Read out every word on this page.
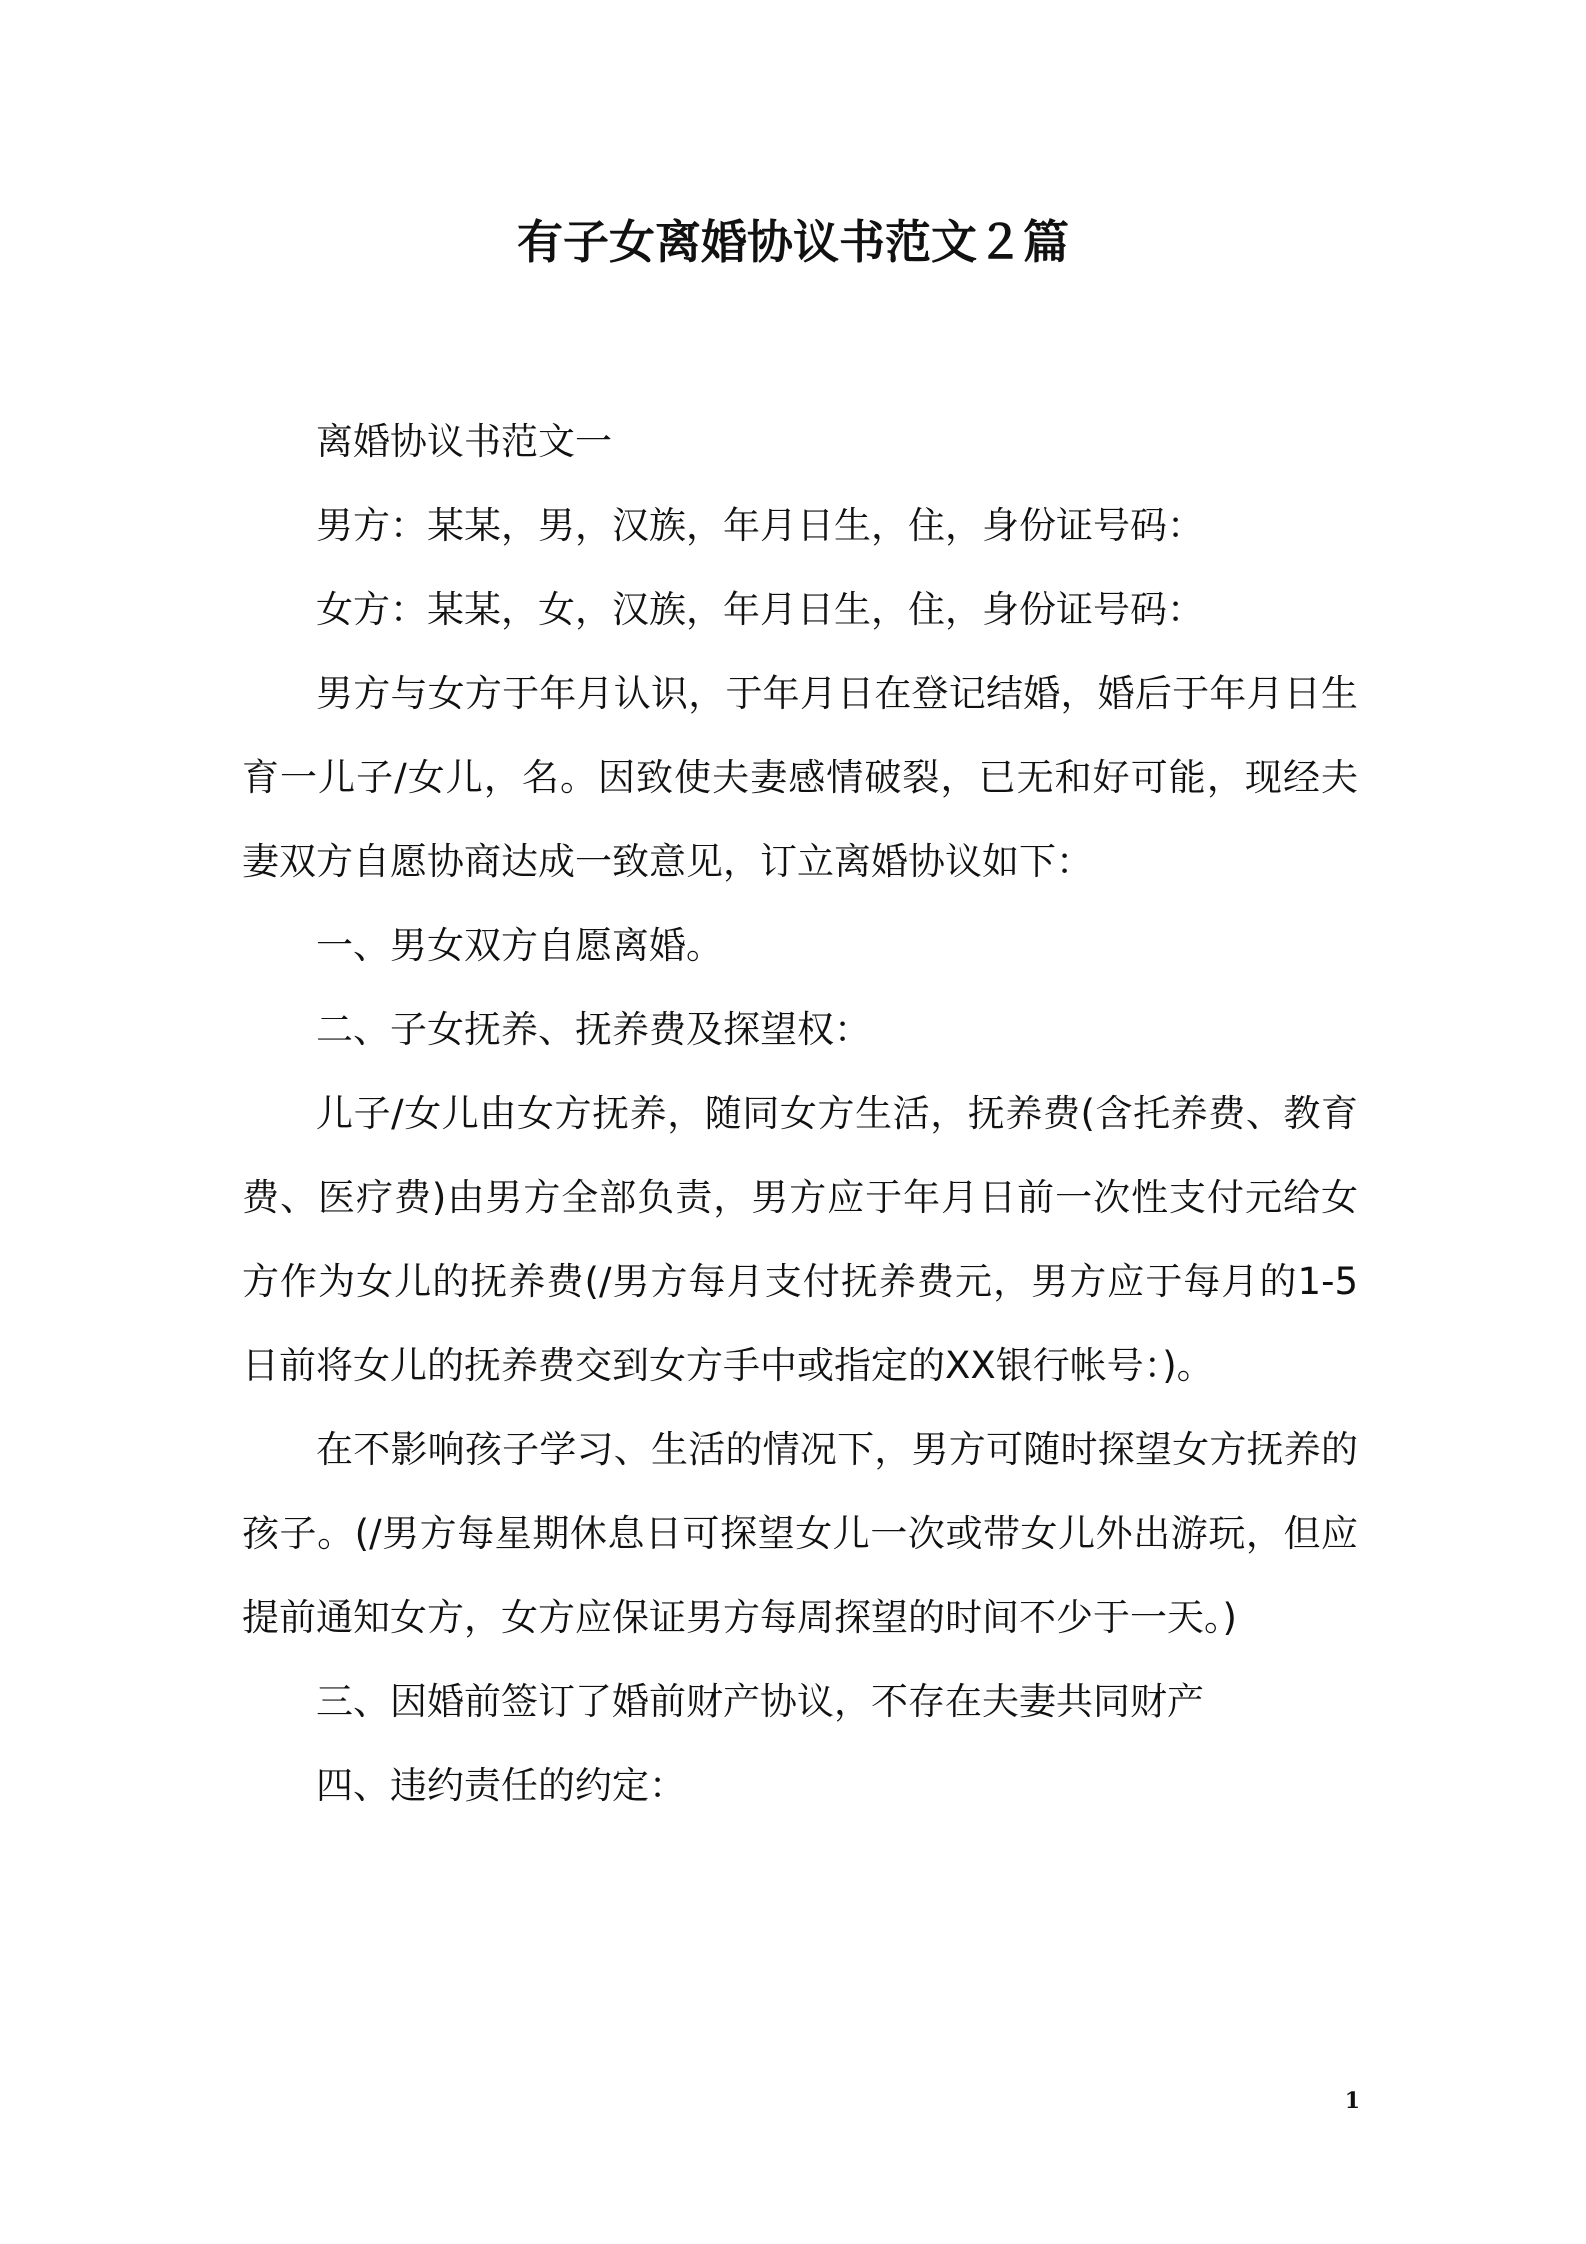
有子女离婚协议书范文２篇

离婚协议书范文一

男方：某某，男，汉族，年月日生，住，身份证号码：

女方：某某，女，汉族，年月日生，住，身份证号码：

男方与女方于年月认识，于年月日在登记结婚，婚后于年月日生育一儿子/女儿，名。因致使夫妻感情破裂，已无和好可能，现经夫妻双方自愿协商达成一致意见，订立离婚协议如下：

一、男女双方自愿离婚。

二、子女抚养、抚养费及探望权：

儿子/女儿由女方抚养，随同女方生活，抚养费(含托养费、教育费、医疗费)由男方全部负责，男方应于年月日前一次性支付元给女方作为女儿的抚养费(/男方每月支付抚养费元，男方应于每月的1-5日前将女儿的抚养费交到女方手中或指定的XX银行帐号：)。

在不影响孩子学习、生活的情况下，男方可随时探望女方抚养的孩子。(/男方每星期休息日可探望女儿一次或带女儿外出游玩，但应提前通知女方，女方应保证男方每周探望的时间不少于一天。)

三、因婚前签订了婚前财产协议，不存在夫妻共同财产

四、违约责任的约定：

1
